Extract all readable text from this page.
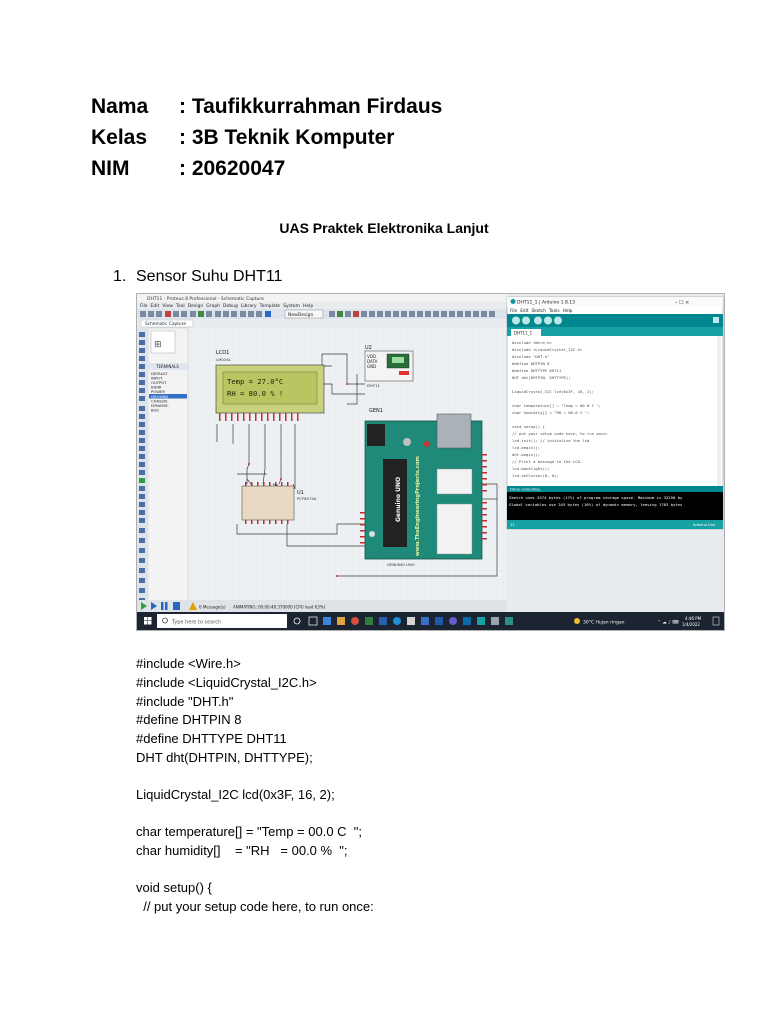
Nama : Taufikkurrahman Firdaus
Kelas : 3B Teknik Komputer
NIM : 20620047
UAS Praktek Elektronika Lanjut
1. Sensor Suhu DHT11
DHT11 - Proteus 8 Professional - Schematic Capture
File Edit View Tool Design Graph Debug Library Template System Help
NewDesign
Schematic Capture
⊞
TERMINALS
DEFAULT
INPUT
OUTPUT
BIDIR
POWER
GROUND
CHASSIS
DYNAMIC
BUS
LCD1
LM016L
Temp = 27.0°C
RH = 80.0 % !
U2
VDD
DATA
GND
DHT11
U1
PCF8574A
GEN1
Genuino UNO	www.TheEngineeringProjects.com
GENUINO UNO
6 Message(s) ANIMATING: 00:00:48.370000 (CPU load 63%)
DHT11_1 | Arduino 1.8.13	– ☐ ×
File Edit Sketch Tools Help
DHT11_1
#include <Wire.h>
#include <LiquidCrystal_I2C.h>
#include "DHT.h"
#define DHTPIN 8
#define DHTTYPE DHT11
DHT dht(DHTPIN, DHTTYPE);
LiquidCrystal_I2C lcd(0x3F, 16, 2);
char temperature[] = "Temp = 00.0 C ";
char humidity[] = "RH = 00.0 % ";
void setup() {
// put your setup code here, to run once:
lcd.init(); // initialize the lcd
lcd.begin();
dht.begin();
// Print a message to the LCD.
lcd.backlight();
lcd.setCursor(0, 0);
Done compiling.
Sketch uses 5574 bytes (17%) of program storage space. Maximum is 32256 by
Global variables use 345 bytes (16%) of dynamic memory, leaving 1703 bytes
11	Arduino Uno
Type here to search	30°C Hujan ringan	⌃ ☁ ♪ ⌨
4:46 PM
1/4/2022
#include <Wire.h>
#include <LiquidCrystal_I2C.h>
#include "DHT.h"
#define DHTPIN 8
#define DHTTYPE DHT11
DHT dht(DHTPIN, DHTTYPE);
LiquidCrystal_I2C lcd(0x3F, 16, 2);
char temperature[] = "Temp = 00.0 C  ";
char humidity[]    = "RH   = 00.0 %  ";
void setup() {
// put your setup code here, to run once:
